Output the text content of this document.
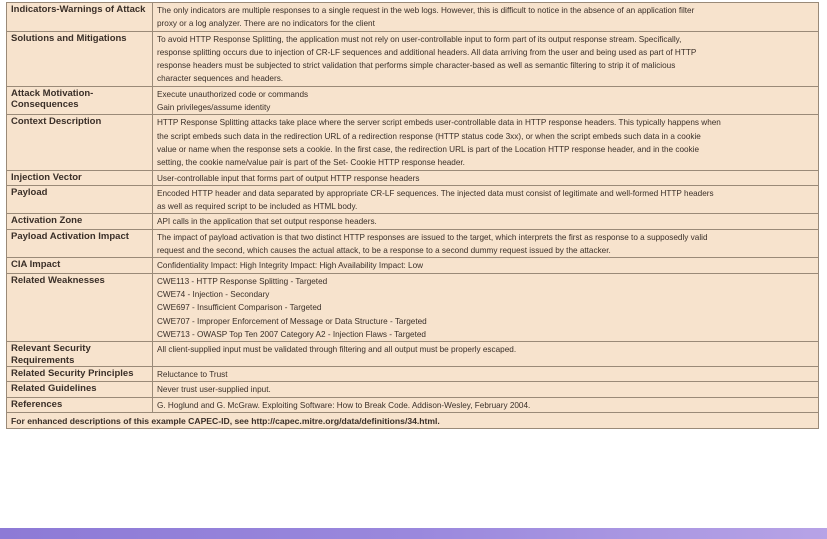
Indicators-Warnings of Attack	The only indicators are multiple responses to a single request in the web logs. However, this is difficult to notice in the absence of an application filter
proxy or a log analyzer. There are no indicators for the client

Solutions and Mitigations	To avoid HTTP Response Splitting, the application must not rely on user-controllable input to form part of its output response stream. Specifically,
response splitting occurs due to injection of CR-LF sequences and additional headers. All data arriving from the user and being used as part of HTTP
response headers must be subjected to strict validation that performs simple character-based as well as semantic filtering to strip it of malicious
character sequences and headers.

Attack Motivation-Consequences	Execute unauthorized code or commands
Gain privileges/assume identity

Context Description	HTTP Response Splitting attacks take place where the server script embeds user-controllable data in HTTP response headers. This typically happens when
the script embeds such data in the redirection URL of a redirection response (HTTP status code 3xx), or when the script embeds such data in a cookie
value or name when the response sets a cookie. In the first case, the redirection URL is part of the Location HTTP response header, and in the cookie
setting, the cookie name/value pair is part of the Set- Cookie HTTP response header.

Injection Vector	User-controllable input that forms part of output HTTP response headers

Payload	Encoded HTTP header and data separated by appropriate CR-LF sequences. The injected data must consist of legitimate and well-formed HTTP headers
as well as required script to be included as HTML body.

Activation Zone	API calls in the application that set output response headers.

Payload Activation Impact	The impact of payload activation is that two distinct HTTP responses are issued to the target, which interprets the first as response to a supposedly valid
request and the second, which causes the actual attack, to be a response to a second dummy request issued by the attacker.

CIA Impact	Confidentiality Impact: High Integrity Impact: High Availability Impact: Low

Related Weaknesses	CWE113 - HTTP Response Splitting - Targeted
CWE74 - Injection - Secondary
CWE697 - Insufficient Comparison - Targeted
CWE707 - Improper Enforcement of Message or Data Structure - Targeted
CWE713 - OWASP Top Ten 2007 Category A2 - Injection Flaws - Targeted

Relevant Security Requirements	All client-supplied input must be validated through filtering and all output must be properly escaped.

Related Security Principles	Reluctance to Trust

Related Guidelines	Never trust user-supplied input.

References	G. Hoglund and G. McGraw. Exploiting Software: How to Break Code. Addison-Wesley, February 2004.

For enhanced descriptions of this example CAPEC-ID, see http://capec.mitre.org/data/definitions/34.html.	
